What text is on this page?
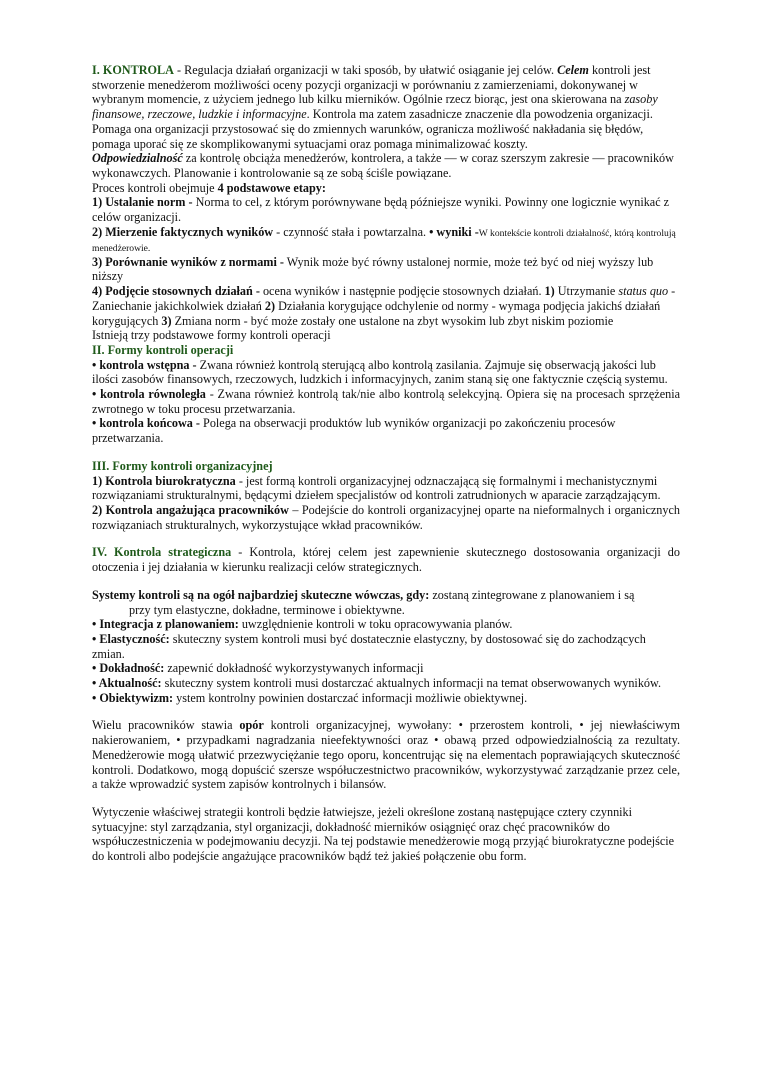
I. KONTROLA - Regulacja działań organizacji w taki sposób, by ułatwić osiąganie jej celów. Celem kontroli jest stworzenie menedżerom możliwości oceny pozycji organizacji w porównaniu z zamierzeniami, dokonywanej w wybranym momencie, z użyciem jednego lub kilku mierników. Ogólnie rzecz biorąc, jest ona skierowana na zasoby finansowe, rzeczowe, ludzkie i informacyjne. Kontrola ma zatem zasadnicze znaczenie dla powodzenia organizacji. Pomaga ona organizacji przystosować się do zmiennych warunków, ogranicza możliwość nakładania się błędów, pomaga uporać się ze skomplikowanymi sytuacjami oraz pomaga minimalizować koszty.
Odpowiedzialność za kontrolę obciąża menedżerów, kontrolera, a także — w coraz szerszym zakresie — pracowników wykonawczych. Planowanie i kontrolowanie są ze sobą ściśle powiązane.

Proces kontroli obejmuje 4 podstawowe etapy:

1) Ustalanie norm - Norma to cel, z którym porównywane będą późniejsze wyniki. Powinny one logicznie wynikać z celów organizacji.

2) Mierzenie faktycznych wyników - czynność stała i powtarzalna. • wyniki -W kontekście kontroli działalność, którą kontrolują menedżerowie.

3) Porównanie wyników z normami - Wynik może być równy ustalonej normie, może też być od niej wyższy lub niższy

4) Podjęcie stosownych działań - ocena wyników i następnie podjęcie stosownych działań. 1) Utrzymanie status quo - Zaniechanie jakichkolwiek działań 2) Działania korygujące odchylenie od normy - wymaga podjęcia jakichś działań korygujących 3) Zmiana norm - być może zostały one ustalone na zbyt wysokim lub zbyt niskim poziomie

Istnieją trzy podstawowe formy kontroli operacji

II. Formy kontroli operacji

• kontrola wstępna - Zwana również kontrolą sterującą albo kontrolą zasilania. Zajmuje się obserwacją jakości lub ilości zasobów finansowych, rzeczowych, ludzkich i informacyjnych, zanim staną się one faktycznie częścią systemu.

• kontrola równoległa - Zwana również kontrolą tak/nie albo kontrolą selekcyjną. Opiera się na procesach sprzężenia zwrotnego w toku procesu przetwarzania.

• kontrola końcowa - Polega na obserwacji produktów lub wyników organizacji po zakończeniu procesów przetwarzania.

III. Formy kontroli organizacyjnej

1) Kontrola biurokratyczna - jest formą kontroli organizacyjnej odznaczającą się formalnymi i mechanistycznymi rozwiązaniami strukturalnymi, będącymi dziełem specjalistów od kontroli zatrudnionych w aparacie zarządzającym.

2) Kontrola angażująca pracowników – Podejście do kontroli organizacyjnej oparte na nieformalnych i organicznych rozwiązaniach strukturalnych, wykorzystujące wkład pracowników.

IV. Kontrola strategiczna - Kontrola, której celem jest zapewnienie skutecznego dostosowania organizacji do otoczenia i jej działania w kierunku realizacji celów strategicznych.

Systemy kontroli są na ogół najbardziej skuteczne wówczas, gdy: zostaną zintegrowane z planowaniem i są

przy tym elastyczne, dokładne, terminowe i obiektywne.

• Integracja z planowaniem: uwzględnienie kontroli w toku opracowywania planów.

• Elastyczność: skuteczny system kontroli musi być dostatecznie elastyczny, by dostosować się do zachodzących zmian.

• Dokładność: zapewnić dokładność wykorzystywanych informacji

• Aktualność: skuteczny system kontroli musi dostarczać aktualnych informacji na temat obserwowanych wyników.

• Obiektywizm: ystem kontrolny powinien dostarczać informacji możliwie obiektywnej.

Wielu pracowników stawia opór kontroli organizacyjnej, wywołany: • przerostem kontroli, • jej niewłaściwym nakierowaniem, • przypadkami nagradzania nieefektywności oraz • obawą przed odpowiedzialnością za rezultaty. Menedżerowie mogą ułatwić przezwyciężanie tego oporu, koncentrując się na elementach poprawiających skuteczność kontroli. Dodatkowo, mogą dopuścić szersze współuczestnictwo pracowników, wykorzystywać zarządzanie przez cele, a także wprowadzić system zapisów kontrolnych i bilansów.

Wytyczenie właściwej strategii kontroli będzie łatwiejsze, jeżeli określone zostaną następujące cztery czynniki sytuacyjne: styl zarządzania, styl organizacji, dokładność mierników osiągnięć oraz chęć pracowników do współuczestniczenia w podejmowaniu decyzji. Na tej podstawie menedżerowie mogą przyjąć biurokratyczne podejście do kontroli albo podejście angażujące pracowników bądź też jakieś połączenie obu form.
